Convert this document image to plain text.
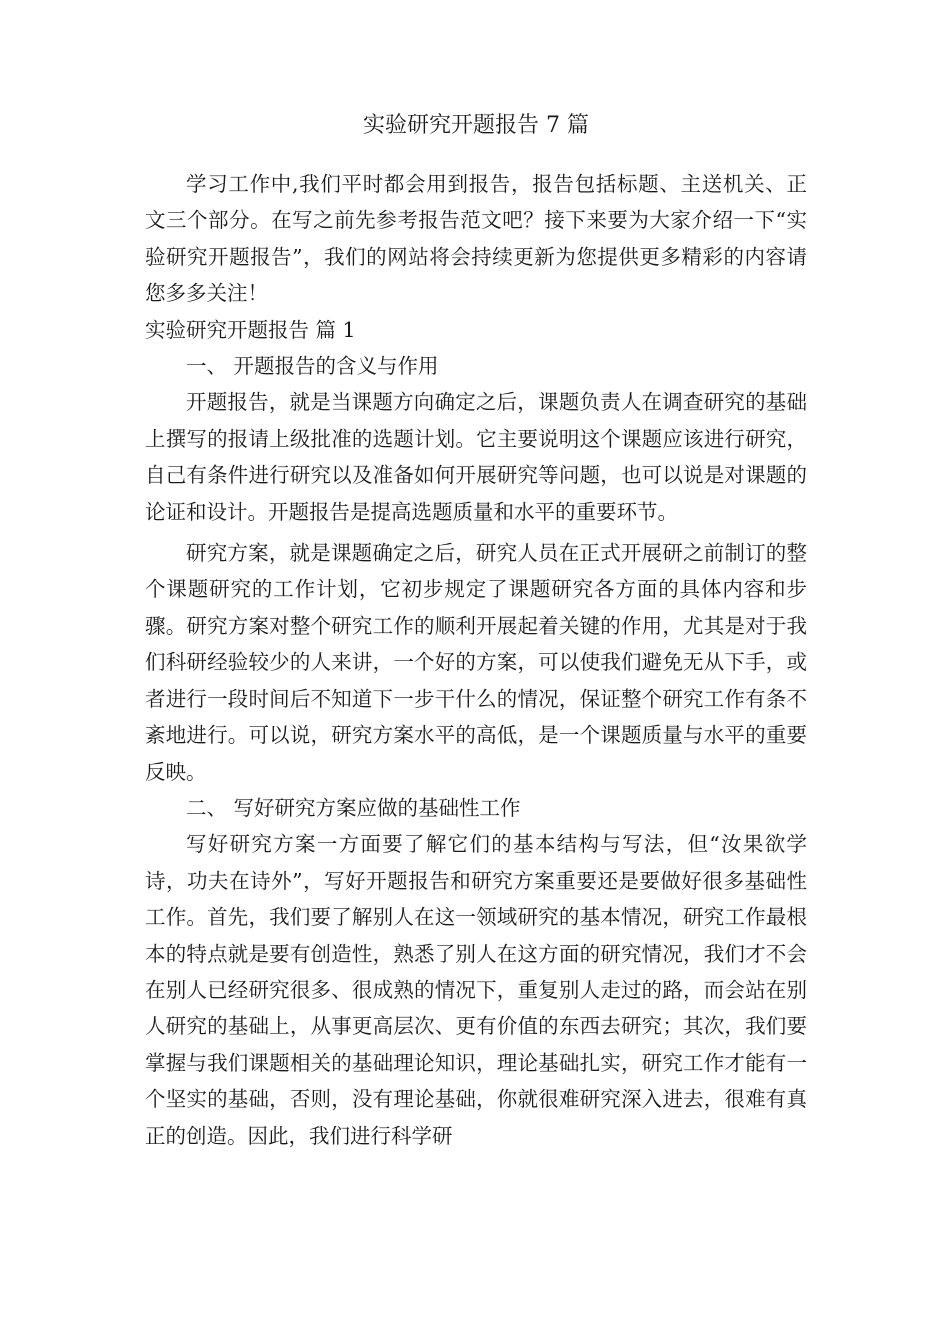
实验研究开题报告 7 篇

学习工作中,我们平时都会用到报告，报告包括标题、主送机关、正文三个部分。在写之前先参考报告范文吧？接下来要为大家介绍一下“实验研究开题报告”，我们的网站将会持续更新为您提供更多精彩的内容请您多多关注！

实验研究开题报告 篇 1

一、 开题报告的含义与作用

开题报告，就是当课题方向确定之后，课题负责人在调查研究的基础上撰写的报请上级批准的选题计划。它主要说明这个课题应该进行研究，自己有条件进行研究以及准备如何开展研究等问题，也可以说是对课题的论证和设计。开题报告是提高选题质量和水平的重要环节。

研究方案，就是课题确定之后，研究人员在正式开展研之前制订的整个课题研究的工作计划，它初步规定了课题研究各方面的具体内容和步骤。研究方案对整个研究工作的顺利开展起着关键的作用，尤其是对于我们科研经验较少的人来讲，一个好的方案，可以使我们避免无从下手，或者进行一段时间后不知道下一步干什么的情况，保证整个研究工作有条不紊地进行。可以说，研究方案水平的高低，是一个课题质量与水平的重要反映。

二、 写好研究方案应做的基础性工作

写好研究方案一方面要了解它们的基本结构与写法，但“汝果欲学诗，功夫在诗外”，写好开题报告和研究方案重要还是要做好很多基础性工作。首先，我们要了解别人在这一领域研究的基本情况，研究工作最根本的特点就是要有创造性，熟悉了别人在这方面的研究情况，我们才不会在别人已经研究很多、很成熟的情况下，重复别人走过的路，而会站在别人研究的基础上，从事更高层次、更有价值的东西去研究；其次，我们要掌握与我们课题相关的基础理论知识，理论基础扎实，研究工作才能有一个坚实的基础，否则，没有理论基础，你就很难研究深入进去，很难有真正的创造。因此，我们进行科学研
